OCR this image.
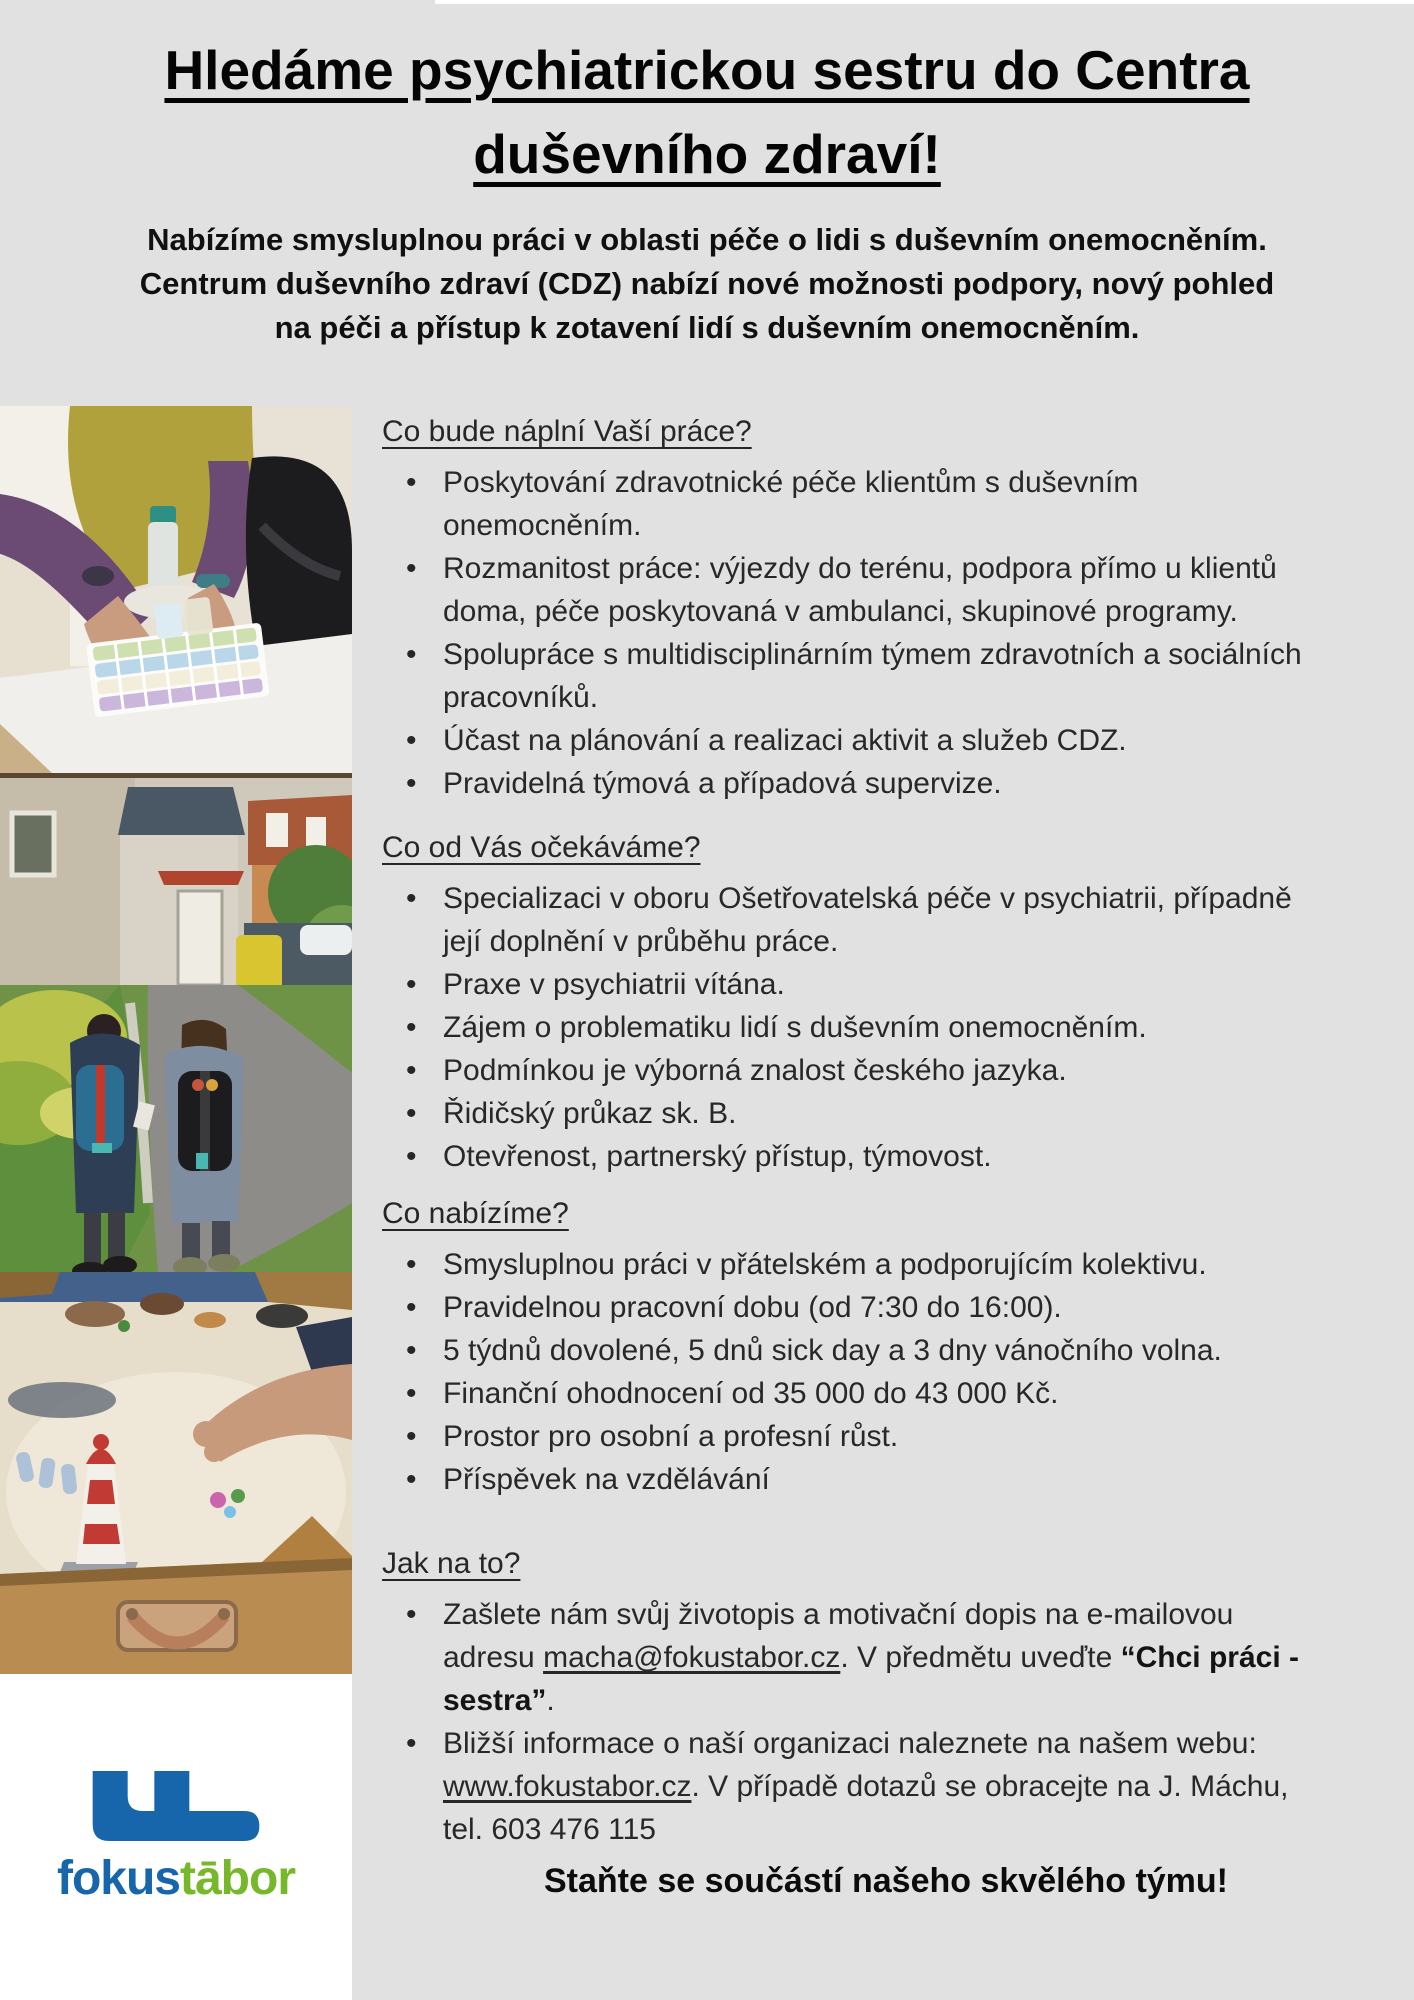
Hledáme psychiatrickou sestru do Centra
duševního zdraví!
Nabízíme smysluplnou práci v oblasti péče o lidi s duševním onemocněním.
Centrum duševního zdraví (CDZ) nabízí nové možnosti podpory, nový pohled
na péči a přístup k zotavení lidí s duševním onemocněním.
fokustābor
Co bude náplní Vaší práce?
• Poskytování zdravotnické péče klientům s duševním
onemocněním.
• Rozmanitost práce: výjezdy do terénu, podpora přímo u klientů
doma, péče poskytovaná v ambulanci, skupinové programy.
• Spolupráce s multidisciplinárním týmem zdravotních a sociálních
pracovníků.
• Účast na plánování a realizaci aktivit a služeb CDZ.
• Pravidelná týmová a případová supervize.
Co od Vás očekáváme?
• Specializaci v oboru Ošetřovatelská péče v psychiatrii, případně
její doplnění v průběhu práce.
• Praxe v psychiatrii vítána.
• Zájem o problematiku lidí s duševním onemocněním.
• Podmínkou je výborná znalost českého jazyka.
• Řidičský průkaz sk. B.
• Otevřenost, partnerský přístup, týmovost.
Co nabízíme?
• Smysluplnou práci v přátelském a podporujícím kolektivu.
• Pravidelnou pracovní dobu (od 7:30 do 16:00).
• 5 týdnů dovolené, 5 dnů sick day a 3 dny vánočního volna.
• Finanční ohodnocení od 35 000 do 43 000 Kč.
• Prostor pro osobní a profesní růst.
• Příspěvek na vzdělávání
Jak na to?
• Zašlete nám svůj životopis a motivační dopis na e-mailovou
adresu macha@fokustabor.cz. V předmětu uveďte “Chci práci -
sestra”.
• Bližší informace o naší organizaci naleznete na našem webu:
www.fokustabor.cz. V případě dotazů se obracejte na J. Máchu,
tel. 603 476 115
Staňte se součástí našeho skvělého týmu!
